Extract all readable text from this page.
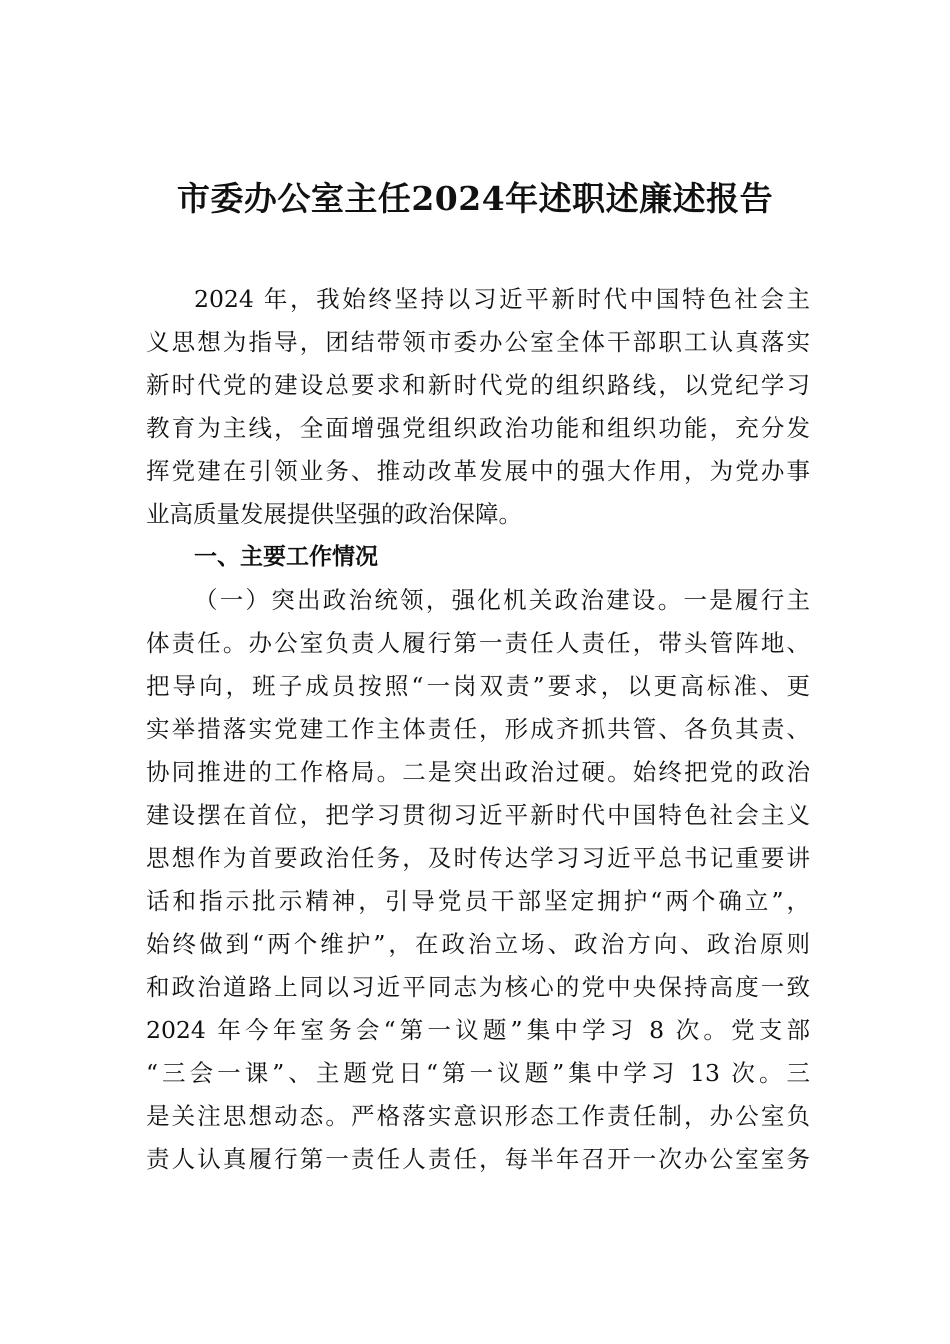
市委办公室主任2024年述职述廉述报告
2024 年，我始终坚持以习近平新时代中国特色社会主
义思想为指导，团结带领市委办公室全体干部职工认真落实
新时代党的建设总要求和新时代党的组织路线，以党纪学习
教育为主线，全面增强党组织政治功能和组织功能，充分发
挥党建在引领业务、推动改革发展中的强大作用，为党办事
业高质量发展提供坚强的政治保障。
一、主要工作情况
（一）突出政治统领，强化机关政治建设。一是履行主
体责任。办公室负责人履行第一责任人责任，带头管阵地、
把导向，班子成员按照“一岗双责”要求，以更高标准、更
实举措落实党建工作主体责任，形成齐抓共管、各负其责、
协同推进的工作格局。二是突出政治过硬。始终把党的政治
建设摆在首位，把学习贯彻习近平新时代中国特色社会主义
思想作为首要政治任务，及时传达学习习近平总书记重要讲
话和指示批示精神，引导党员干部坚定拥护“两个确立”，
始终做到“两个维护”，在政治立场、政治方向、政治原则
和政治道路上同以习近平同志为核心的党中央保持高度一致
2024 年今年室务会“第一议题”集中学习 8 次。党支部
“三会一课”、主题党日“第一议题”集中学习 13 次。三
是关注思想动态。严格落实意识形态工作责任制，办公室负
责人认真履行第一责任人责任，每半年召开一次办公室室务
